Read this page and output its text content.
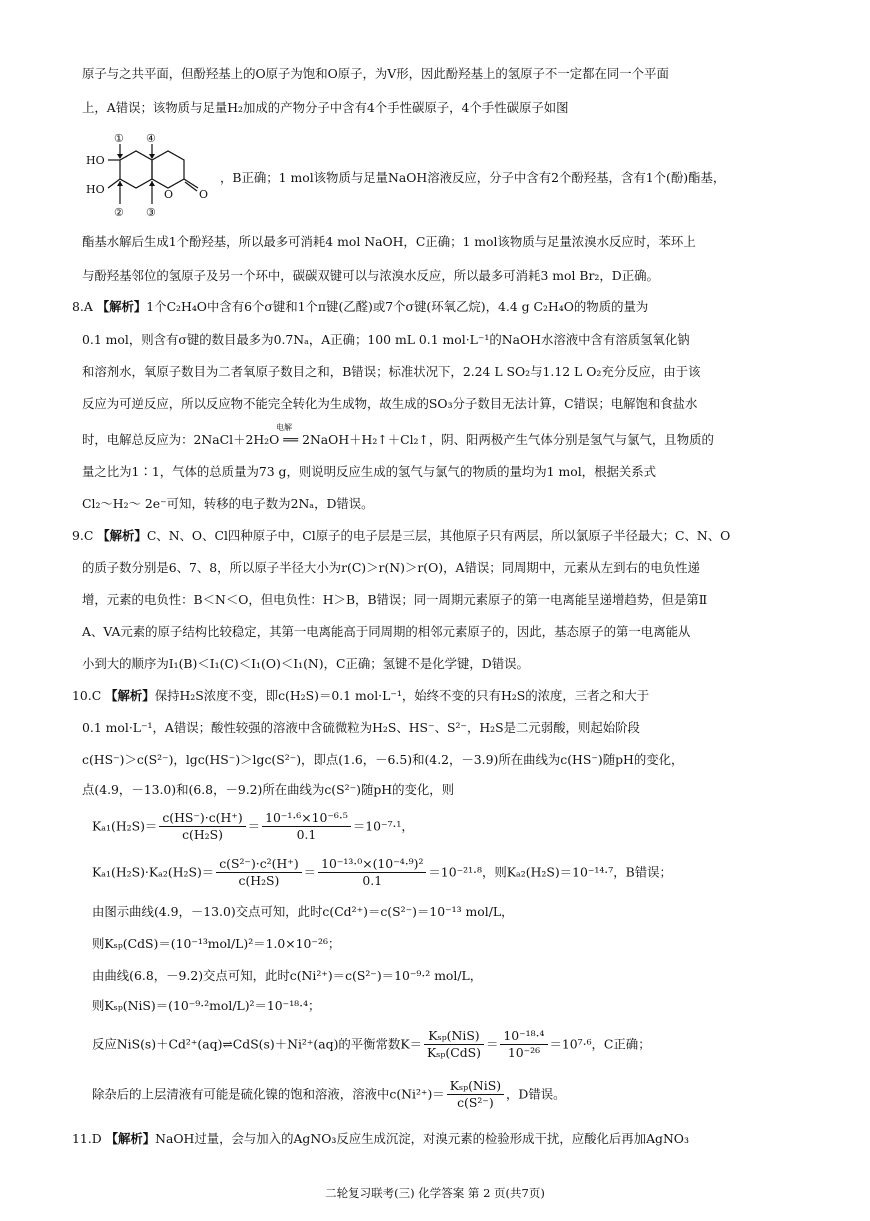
原子与之共平面，但酚羟基上的O原子为饱和O原子，为V形，因此酚羟基上的氢原子不一定都在同一个平面
上，A错误；该物质与足量H₂加成的产物分子中含有4个手性碳原子，4个手性碳原子如图
① ④
② ③
HO
HO	O O
，B正确；1 mol该物质与足量NaOH溶液反应，分子中含有2个酚羟基，含有1个(酚)酯基，
酯基水解后生成1个酚羟基，所以最多可消耗4 mol NaOH，C正确；1 mol该物质与足量浓溴水反应时，苯环上
与酚羟基邻位的氢原子及另一个环中，碳碳双键可以与浓溴水反应，所以最多可消耗3 mol Br₂，D正确。
8.A 【解析】1个C₂H₄O中含有6个σ键和1个π键(乙醛)或7个σ键(环氧乙烷)，4.4 g C₂H₄O的物质的量为
0.1 mol，则含有σ键的数目最多为0.7Nₐ，A正确；100 mL 0.1 mol·L⁻¹的NaOH水溶液中含有溶质氢氧化钠
和溶剂水，氧原子数目为二者氧原子数目之和，B错误；标准状况下，2.24 L SO₂与1.12 L O₂充分反应，由于该
反应为可逆反应，所以反应物不能完全转化为生成物，故生成的SO₃分子数目无法计算，C错误；电解饱和食盐水
电解
时，电解总反应为：2NaCl＋2H₂O ══ 2NaOH＋H₂↑＋Cl₂↑，阴、阳两极产生气体分别是氢气与氯气，且物质的
量之比为1∶1，气体的总质量为73 g，则说明反应生成的氢气与氯气的物质的量均为1 mol，根据关系式
Cl₂～H₂～ 2e⁻可知，转移的电子数为2Nₐ，D错误。
9.C 【解析】C、N、O、Cl四种原子中，Cl原子的电子层是三层，其他原子只有两层，所以氯原子半径最大；C、N、O
的质子数分别是6、7、8，所以原子半径大小为r(C)＞r(N)＞r(O)，A错误；同周期中，元素从左到右的电负性递
增，元素的电负性：B＜N＜O，但电负性：H＞B，B错误；同一周期元素原子的第一电离能呈递增趋势，但是第Ⅱ
A、VA元素的原子结构比较稳定，其第一电离能高于同周期的相邻元素原子的，因此，基态原子的第一电离能从
小到大的顺序为I₁(B)＜I₁(C)＜I₁(O)＜I₁(N)，C正确；氢键不是化学键，D错误。
10.C 【解析】保持H₂S浓度不变，即c(H₂S)＝0.1 mol·L⁻¹，始终不变的只有H₂S的浓度，三者之和大于
0.1 mol·L⁻¹，A错误；酸性较强的溶液中含硫微粒为H₂S、HS⁻、S²⁻，H₂S是二元弱酸，则起始阶段
c(HS⁻)＞c(S²⁻)，lgc(HS⁻)＞lgc(S²⁻)，即点(1.6，－6.5)和(4.2，－3.9)所在曲线为c(HS⁻)随pH的变化，
点(4.9，－13.0)和(6.8，－9.2)所在曲线为c(S²⁻)随pH的变化，则
$K_{a1}(H_2S)= \frac{c(HS^-)\cdot c(H^+)}{\text{c(H₂S)}} = \frac{\text{10⁻¹·⁶×10⁻⁶·⁵}}{0.1} =10^{-7}\cdot^1$，
$K_{a1}(H_2S)\cdot K_{a2}(H_2S)= \frac{\text{c(S²⁻)·c²(H⁺)}}{\text{c(H₂S)}} = \frac{\text{10⁻¹³·⁰×(10⁻⁴·⁹)²}}{0.1} =10^{-21}\cdot^8$，则Kₐ₂(H₂S)＝10⁻¹⁴·⁷，B错误；
由图示曲线(4.9，－13.0)交点可知，此时c(Cd²⁺)＝c(S²⁻)＝10⁻¹³ mol/L，
则Kₛₚ(CdS)＝(10⁻¹³mol/L)²＝1.0×10⁻²⁶；
由曲线(6.8，－9.2)交点可知，此时c(Ni²⁺)＝c(S²⁻)＝10⁻⁹·² mol/L，
则Kₛₚ(NiS)＝(10⁻⁹·²mol/L)²＝10⁻¹⁸·⁴；
反应NiS(s)＋Cd²⁺(aq)⇌CdS(s)＋Ni²⁺(aq)的平衡常数$K= \frac{\text{Kₛₚ(NiS)}}{\text{Kₛₚ(CdS)}} = \frac{\text{10⁻¹⁸·⁴}}{\text{10⁻²⁶}} =10^7\cdot^6$，C正确；
除杂后的上层清液有可能是硫化镍的饱和溶液，溶液中$c(Ni^{2+})= \frac{\text{Kₛₚ(NiS)}}{\text{c(S²⁻)}}$ ，D错误。
11.D 【解析】NaOH过量，会与加入的AgNO₃反应生成沉淀，对溴元素的检验形成干扰，应酸化后再加AgNO₃
二轮复习联考(三) 化学答案 第 2 页(共7页)
